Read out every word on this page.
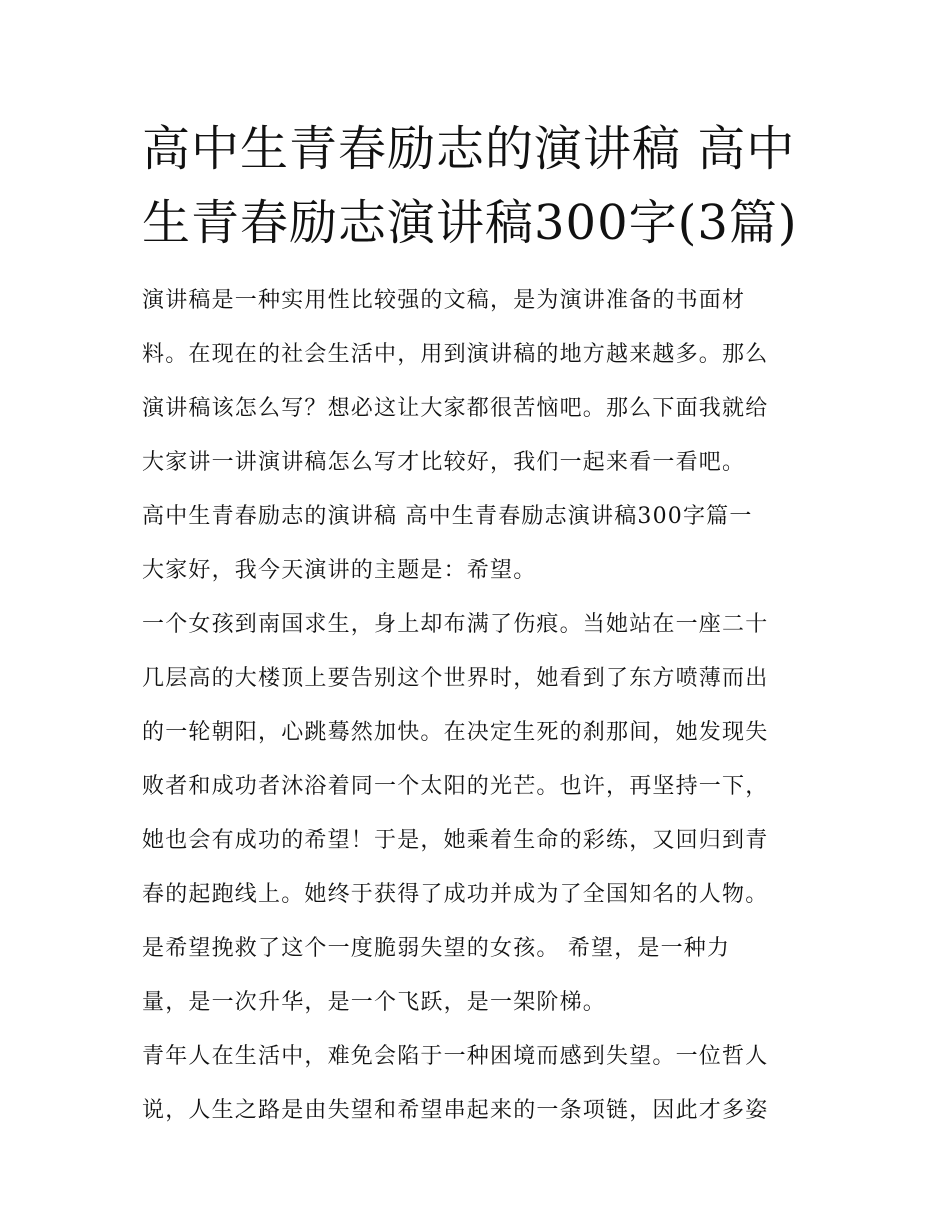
高中生青春励志的演讲稿 高中
生青春励志演讲稿300字(3篇)
演讲稿是一种实用性比较强的文稿，是为演讲准备的书面材
料。在现在的社会生活中，用到演讲稿的地方越来越多。那么
演讲稿该怎么写？想必这让大家都很苦恼吧。那么下面我就给
大家讲一讲演讲稿怎么写才比较好，我们一起来看一看吧。
高中生青春励志的演讲稿 高中生青春励志演讲稿300字篇一
大家好，我今天演讲的主题是：希望。
一个女孩到南国求生，身上却布满了伤痕。当她站在一座二十
几层高的大楼顶上要告别这个世界时，她看到了东方喷薄而出
的一轮朝阳，心跳蓦然加快。在决定生死的刹那间，她发现失
败者和成功者沐浴着同一个太阳的光芒。也许，再坚持一下，
她也会有成功的希望！于是，她乘着生命的彩练，又回归到青
春的起跑线上。她终于获得了成功并成为了全国知名的人物。
是希望挽救了这个一度脆弱失望的女孩。 希望，是一种力
量，是一次升华，是一个飞跃，是一架阶梯。
青年人在生活中，难免会陷于一种困境而感到失望。一位哲人
说，人生之路是由失望和希望串起来的一条项链，因此才多姿
